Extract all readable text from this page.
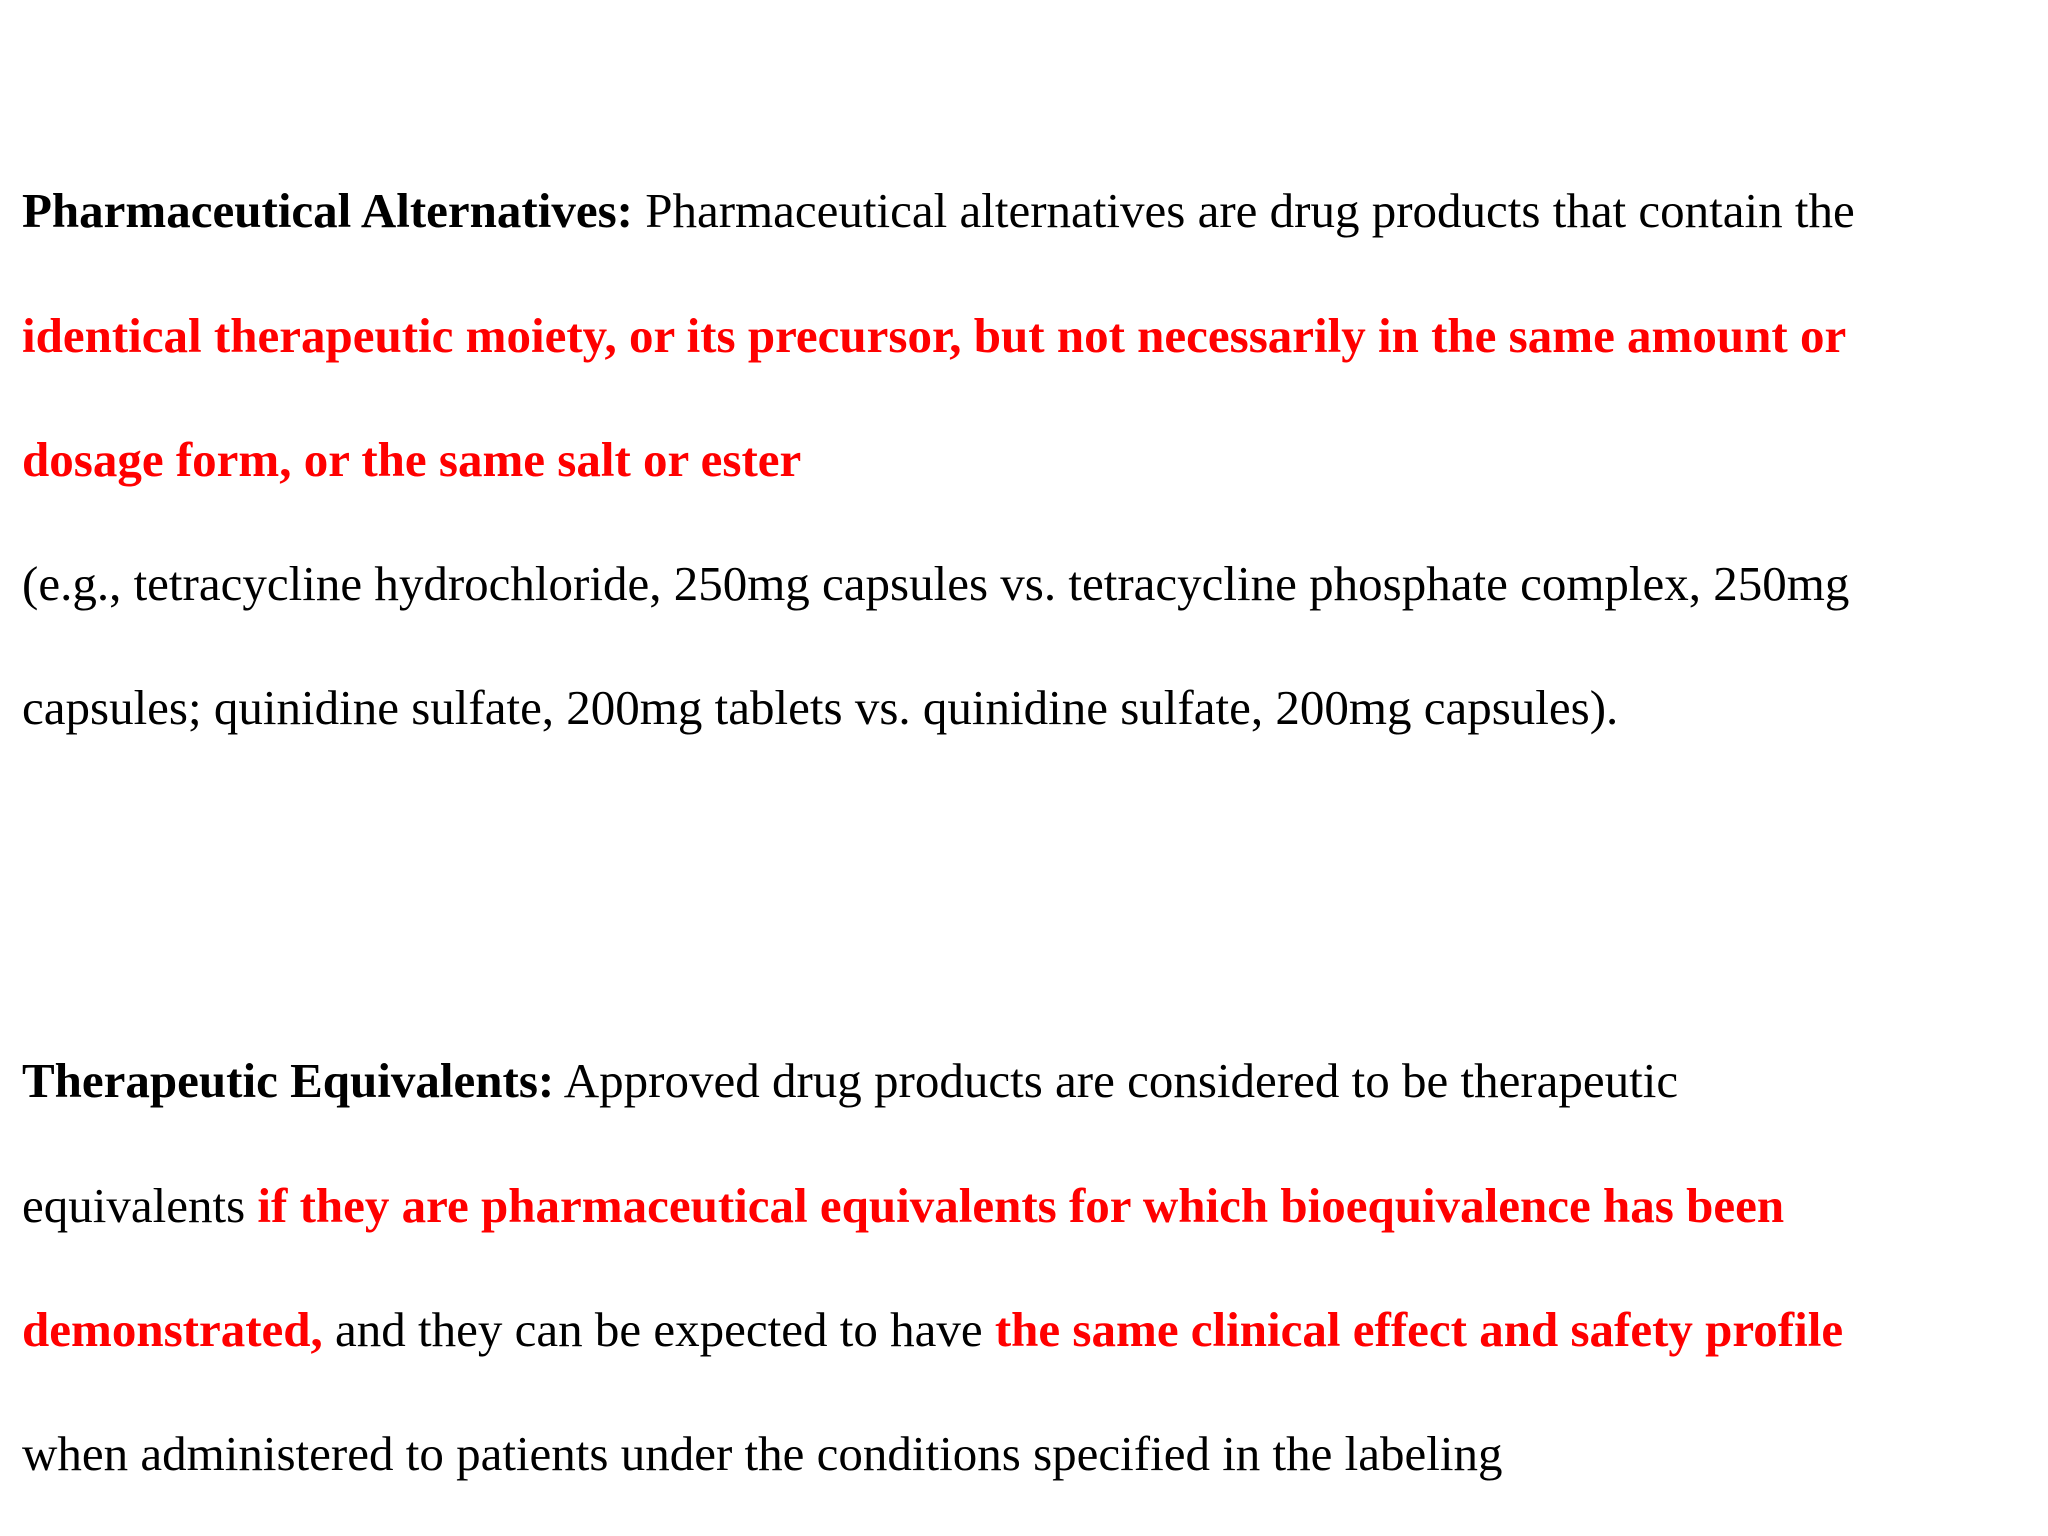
Pharmaceutical Alternatives: Pharmaceutical alternatives are drug products that contain the
identical therapeutic moiety, or its precursor, but not necessarily in the same amount or
dosage form, or the same salt or ester
(e.g., tetracycline hydrochloride, 250mg capsules vs. tetracycline phosphate complex, 250mg
capsules; quinidine sulfate, 200mg tablets vs. quinidine sulfate, 200mg capsules).
Therapeutic Equivalents: Approved drug products are considered to be therapeutic
equivalents if they are pharmaceutical equivalents for which bioequivalence has been
demonstrated, and they can be expected to have the same clinical effect and safety profile
when administered to patients under the conditions specified in the labeling
